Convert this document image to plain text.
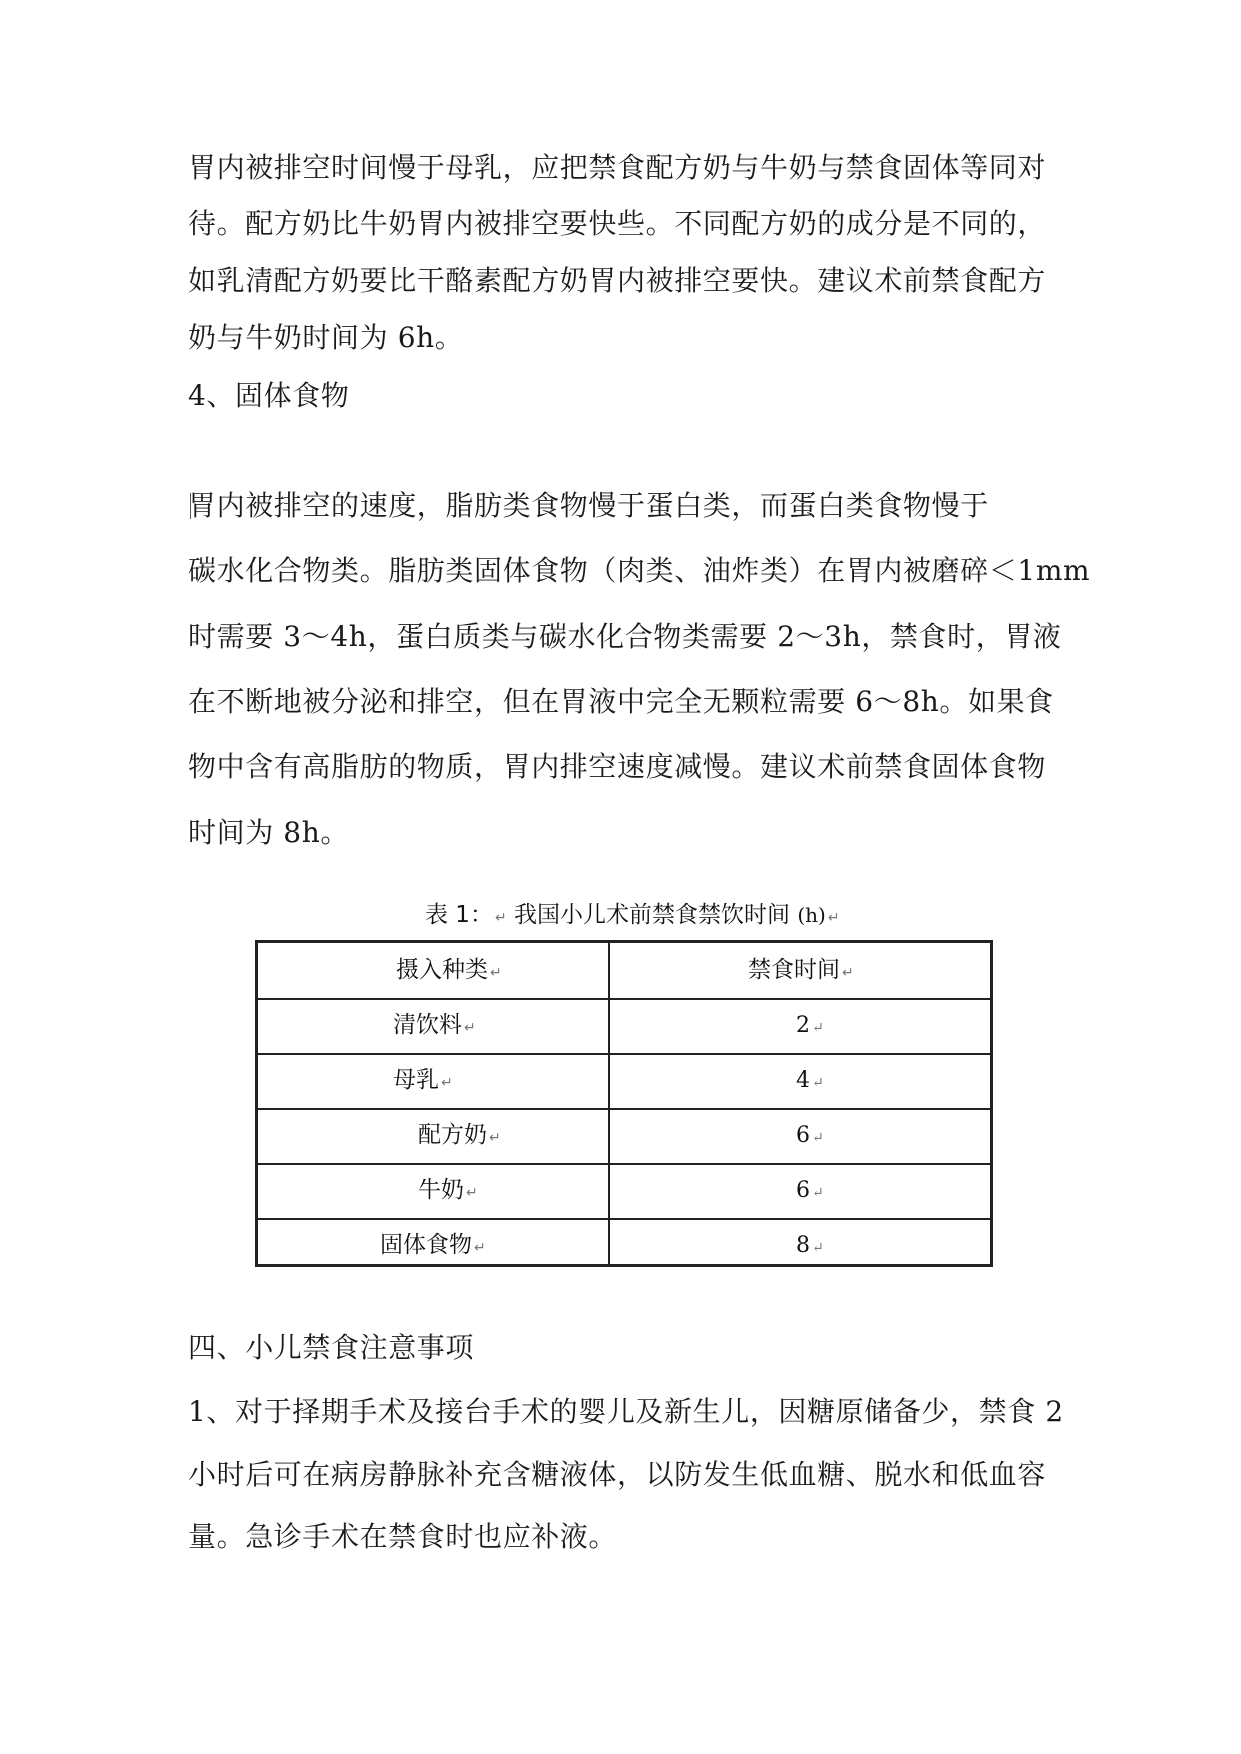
胃内被排空时间慢于母乳，应把禁食配方奶与牛奶与禁食固体等同对
待。配方奶比牛奶胃内被排空要快些。不同配方奶的成分是不同的，
如乳清配方奶要比干酪素配方奶胃内被排空要快。建议术前禁食配方
奶与牛奶时间为 6h。
4、固体食物
胃内被排空的速度，脂肪类食物慢于蛋白类，而蛋白类食物慢于
碳水化合物类。脂肪类固体食物（肉类、油炸类）在胃内被磨碎＜1mm
时需要 3～4h，蛋白质类与碳水化合物类需要 2～3h，禁食时，胃液
在不断地被分泌和排空，但在胃液中完全无颗粒需要 6～8h。如果食
物中含有高脂肪的物质，胃内排空速度减慢。建议术前禁食固体食物
时间为 8h。
表 1： ↵ 我国小儿术前禁食禁饮时间 (h) ↵
摄入种类 ↵	禁食时间 ↵
清饮料 ↵	2 ↵
母乳 ↵	4 ↵
配方奶 ↵	6 ↵
牛奶 ↵	6 ↵
固体食物 ↵	8 ↵
四、小儿禁食注意事项
1、对于择期手术及接台手术的婴儿及新生儿，因糖原储备少，禁食 2
小时后可在病房静脉补充含糖液体，以防发生低血糖、脱水和低血容
量。急诊手术在禁食时也应补液。
